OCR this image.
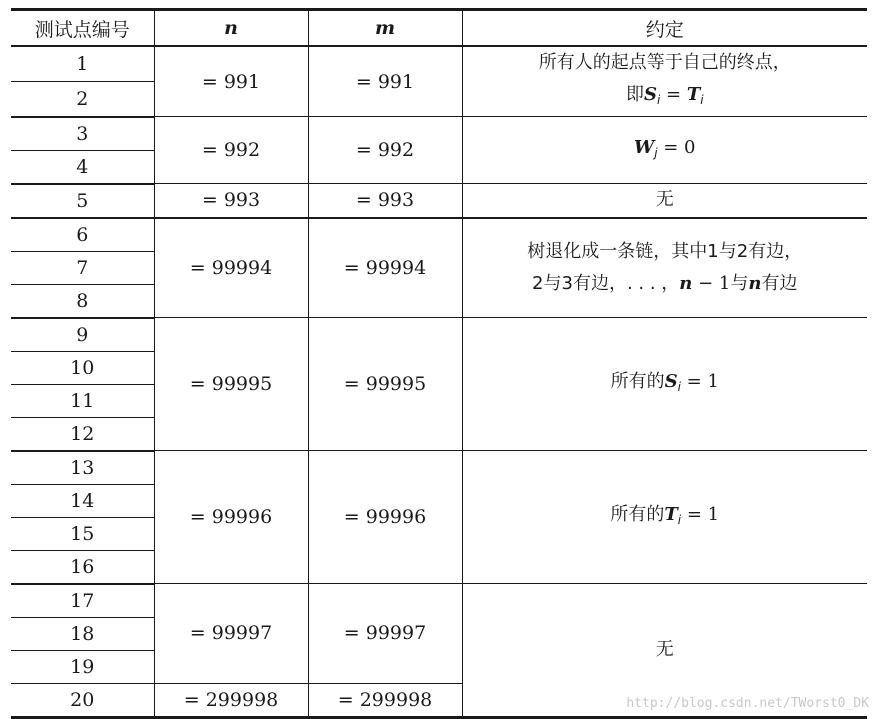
测试点编号	n	m	约定
1	= 991	= 991	所有人的起点等于自己的终点，
即$S_i = T_i$

2			
3	= 992	= 992	$W_j = 0$
4			
5	= 993	= 993	无
6	= 99994	= 99994	树退化成一条链，其中1与2有边，
2与3有边，. . . ，n − 1与n有边

7			
8			
9	= 99995	= 99995	所有的$S_i = 1$
10			
11			
12			
13	= 99996	= 99996	所有的$T_i = 1$
14			
15			
16			
17	= 99997	= 99997	无
18			
19			
20	= 299998	= 299998		http://blog.csdn.net/TWorst0_DK
